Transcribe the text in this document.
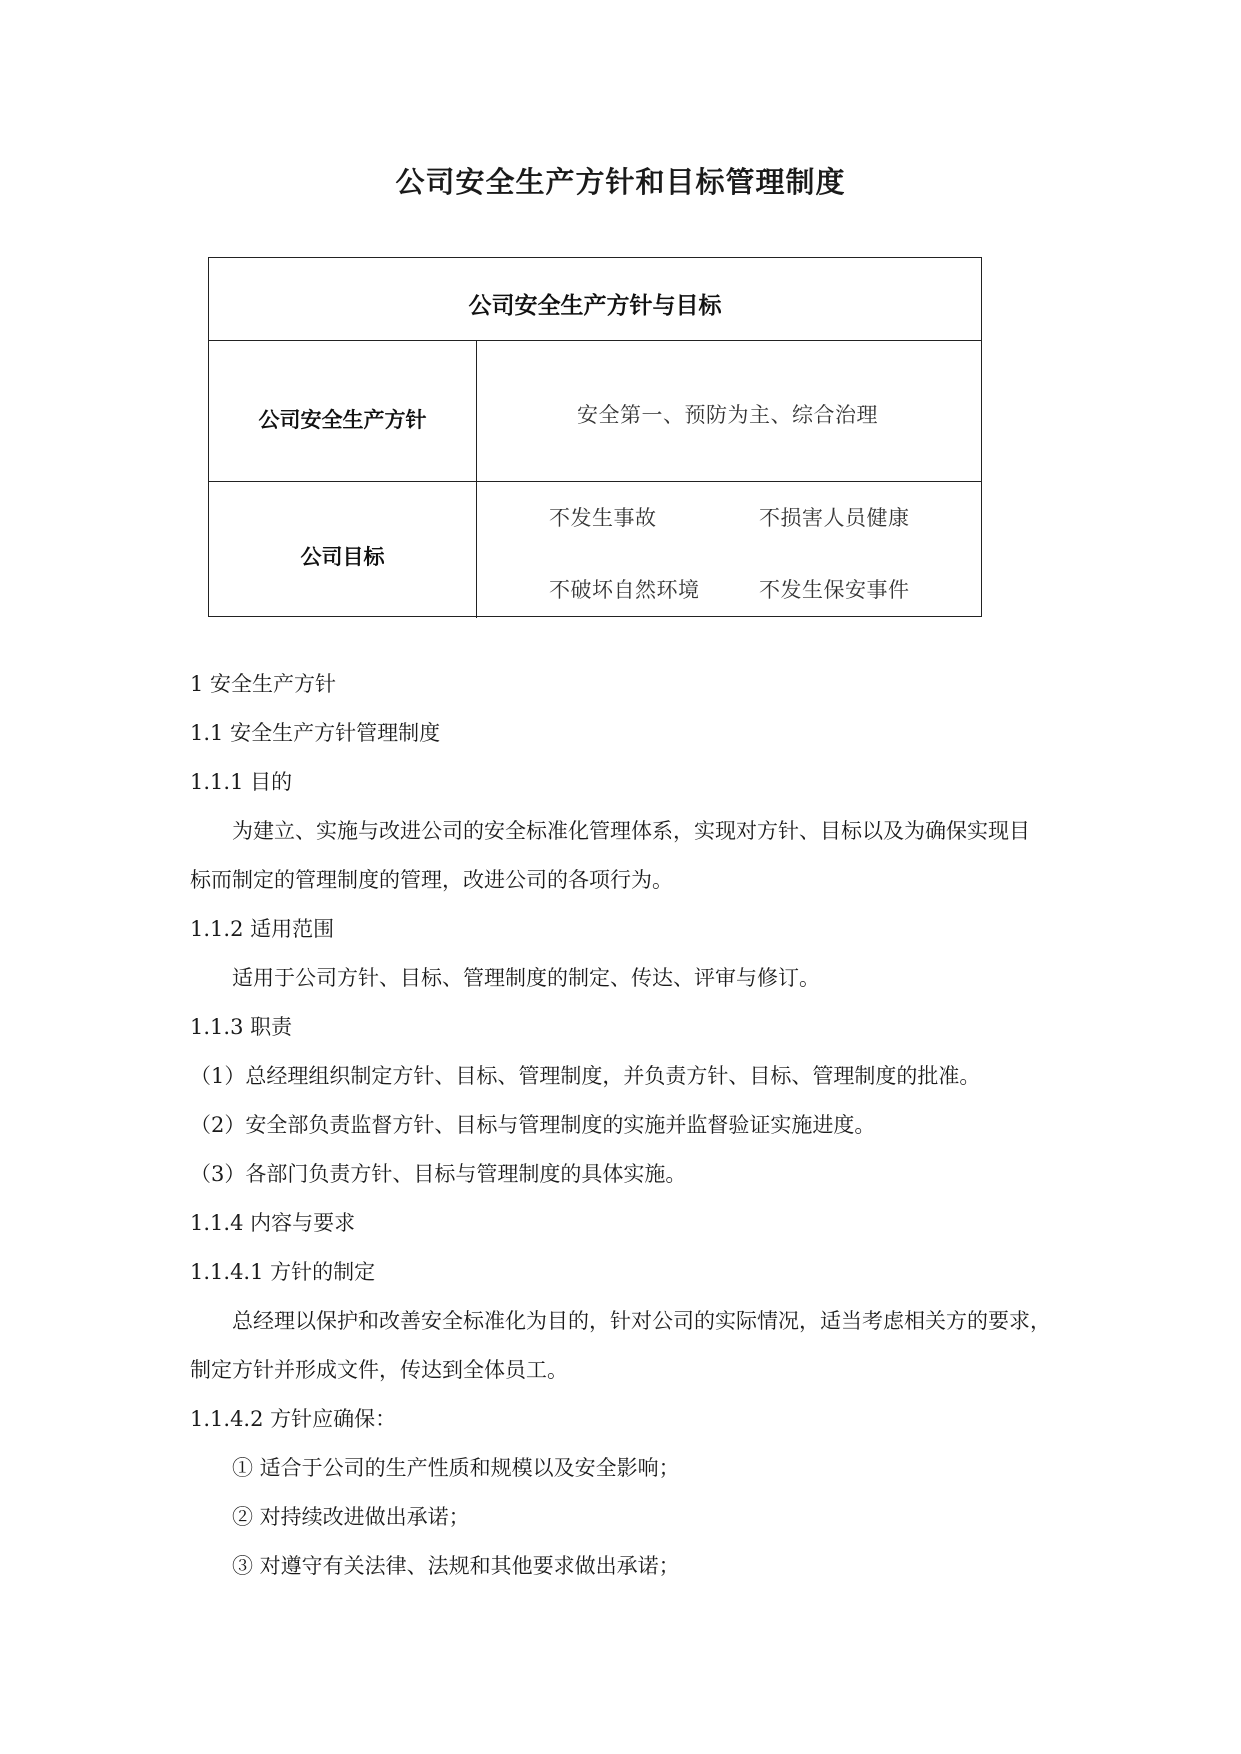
公司安全生产方针和目标管理制度
公司安全生产方针与目标
公司安全生产方针	安全第一、预防为主、综合治理
公司目标
不发生事故	不损害人员健康
不破坏自然环境	不发生保安事件
1 安全生产方针
1.1 安全生产方针管理制度
1.1.1 目的
为建立、实施与改进公司的安全标准化管理体系，实现对方针、目标以及为确保实现目
标而制定的管理制度的管理，改进公司的各项行为。
1.1.2 适用范围
适用于公司方针、目标、管理制度的制定、传达、评审与修订。
1.1.3 职责
（1）总经理组织制定方针、目标、管理制度，并负责方针、目标、管理制度的批准。
（2）安全部负责监督方针、目标与管理制度的实施并监督验证实施进度。
（3）各部门负责方针、目标与管理制度的具体实施。
1.1.4 内容与要求
1.1.4.1 方针的制定
总经理以保护和改善安全标准化为目的，针对公司的实际情况，适当考虑相关方的要求，
制定方针并形成文件，传达到全体员工。
1.1.4.2 方针应确保：
① 适合于公司的生产性质和规模以及安全影响；
② 对持续改进做出承诺；
③ 对遵守有关法律、法规和其他要求做出承诺；
